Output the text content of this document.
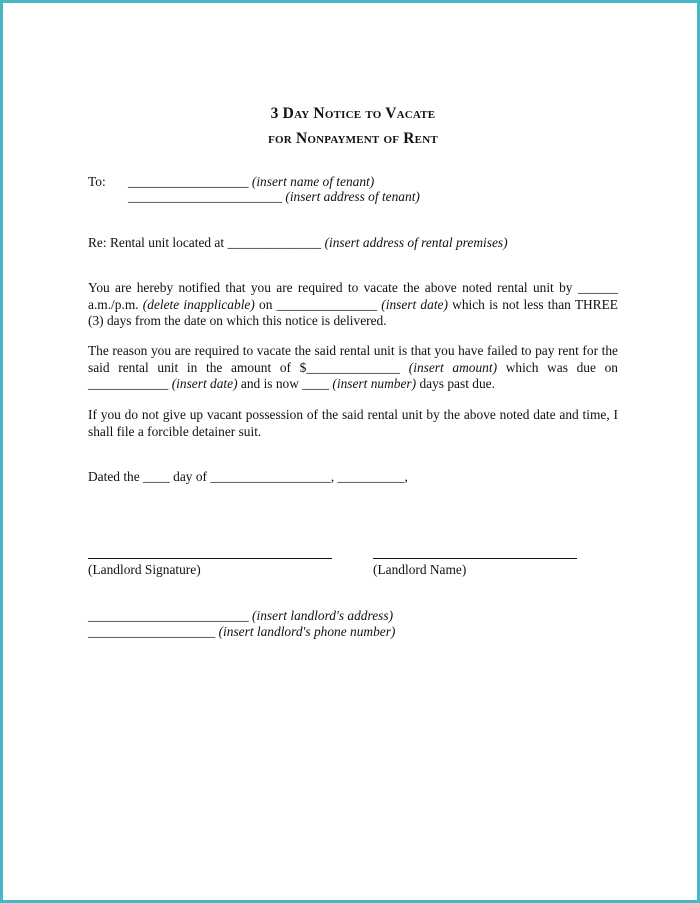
3 Day Notice to Vacate
for Nonpayment of Rent
To: __________________ (insert name of tenant)
_______________________ (insert address of tenant)
Re: Rental unit located at ______________ (insert address of rental premises)
You are hereby notified that you are required to vacate the above noted rental unit by ______ a.m./p.m. (delete inapplicable) on _______________ (insert date) which is not less than THREE (3) days from the date on which this notice is delivered.
The reason you are required to vacate the said rental unit is that you have failed to pay rent for the said rental unit in the amount of $______________ (insert amount) which was due on ____________ (insert date) and is now ____ (insert number) days past due.
If you do not give up vacant possession of the said rental unit by the above noted date and time, I shall file a forcible detainer suit.
Dated the ____ day of __________________, __________,
(Landlord Signature)	(Landlord Name)
________________________ (insert landlord's address)
___________________ (insert landlord's phone number)
